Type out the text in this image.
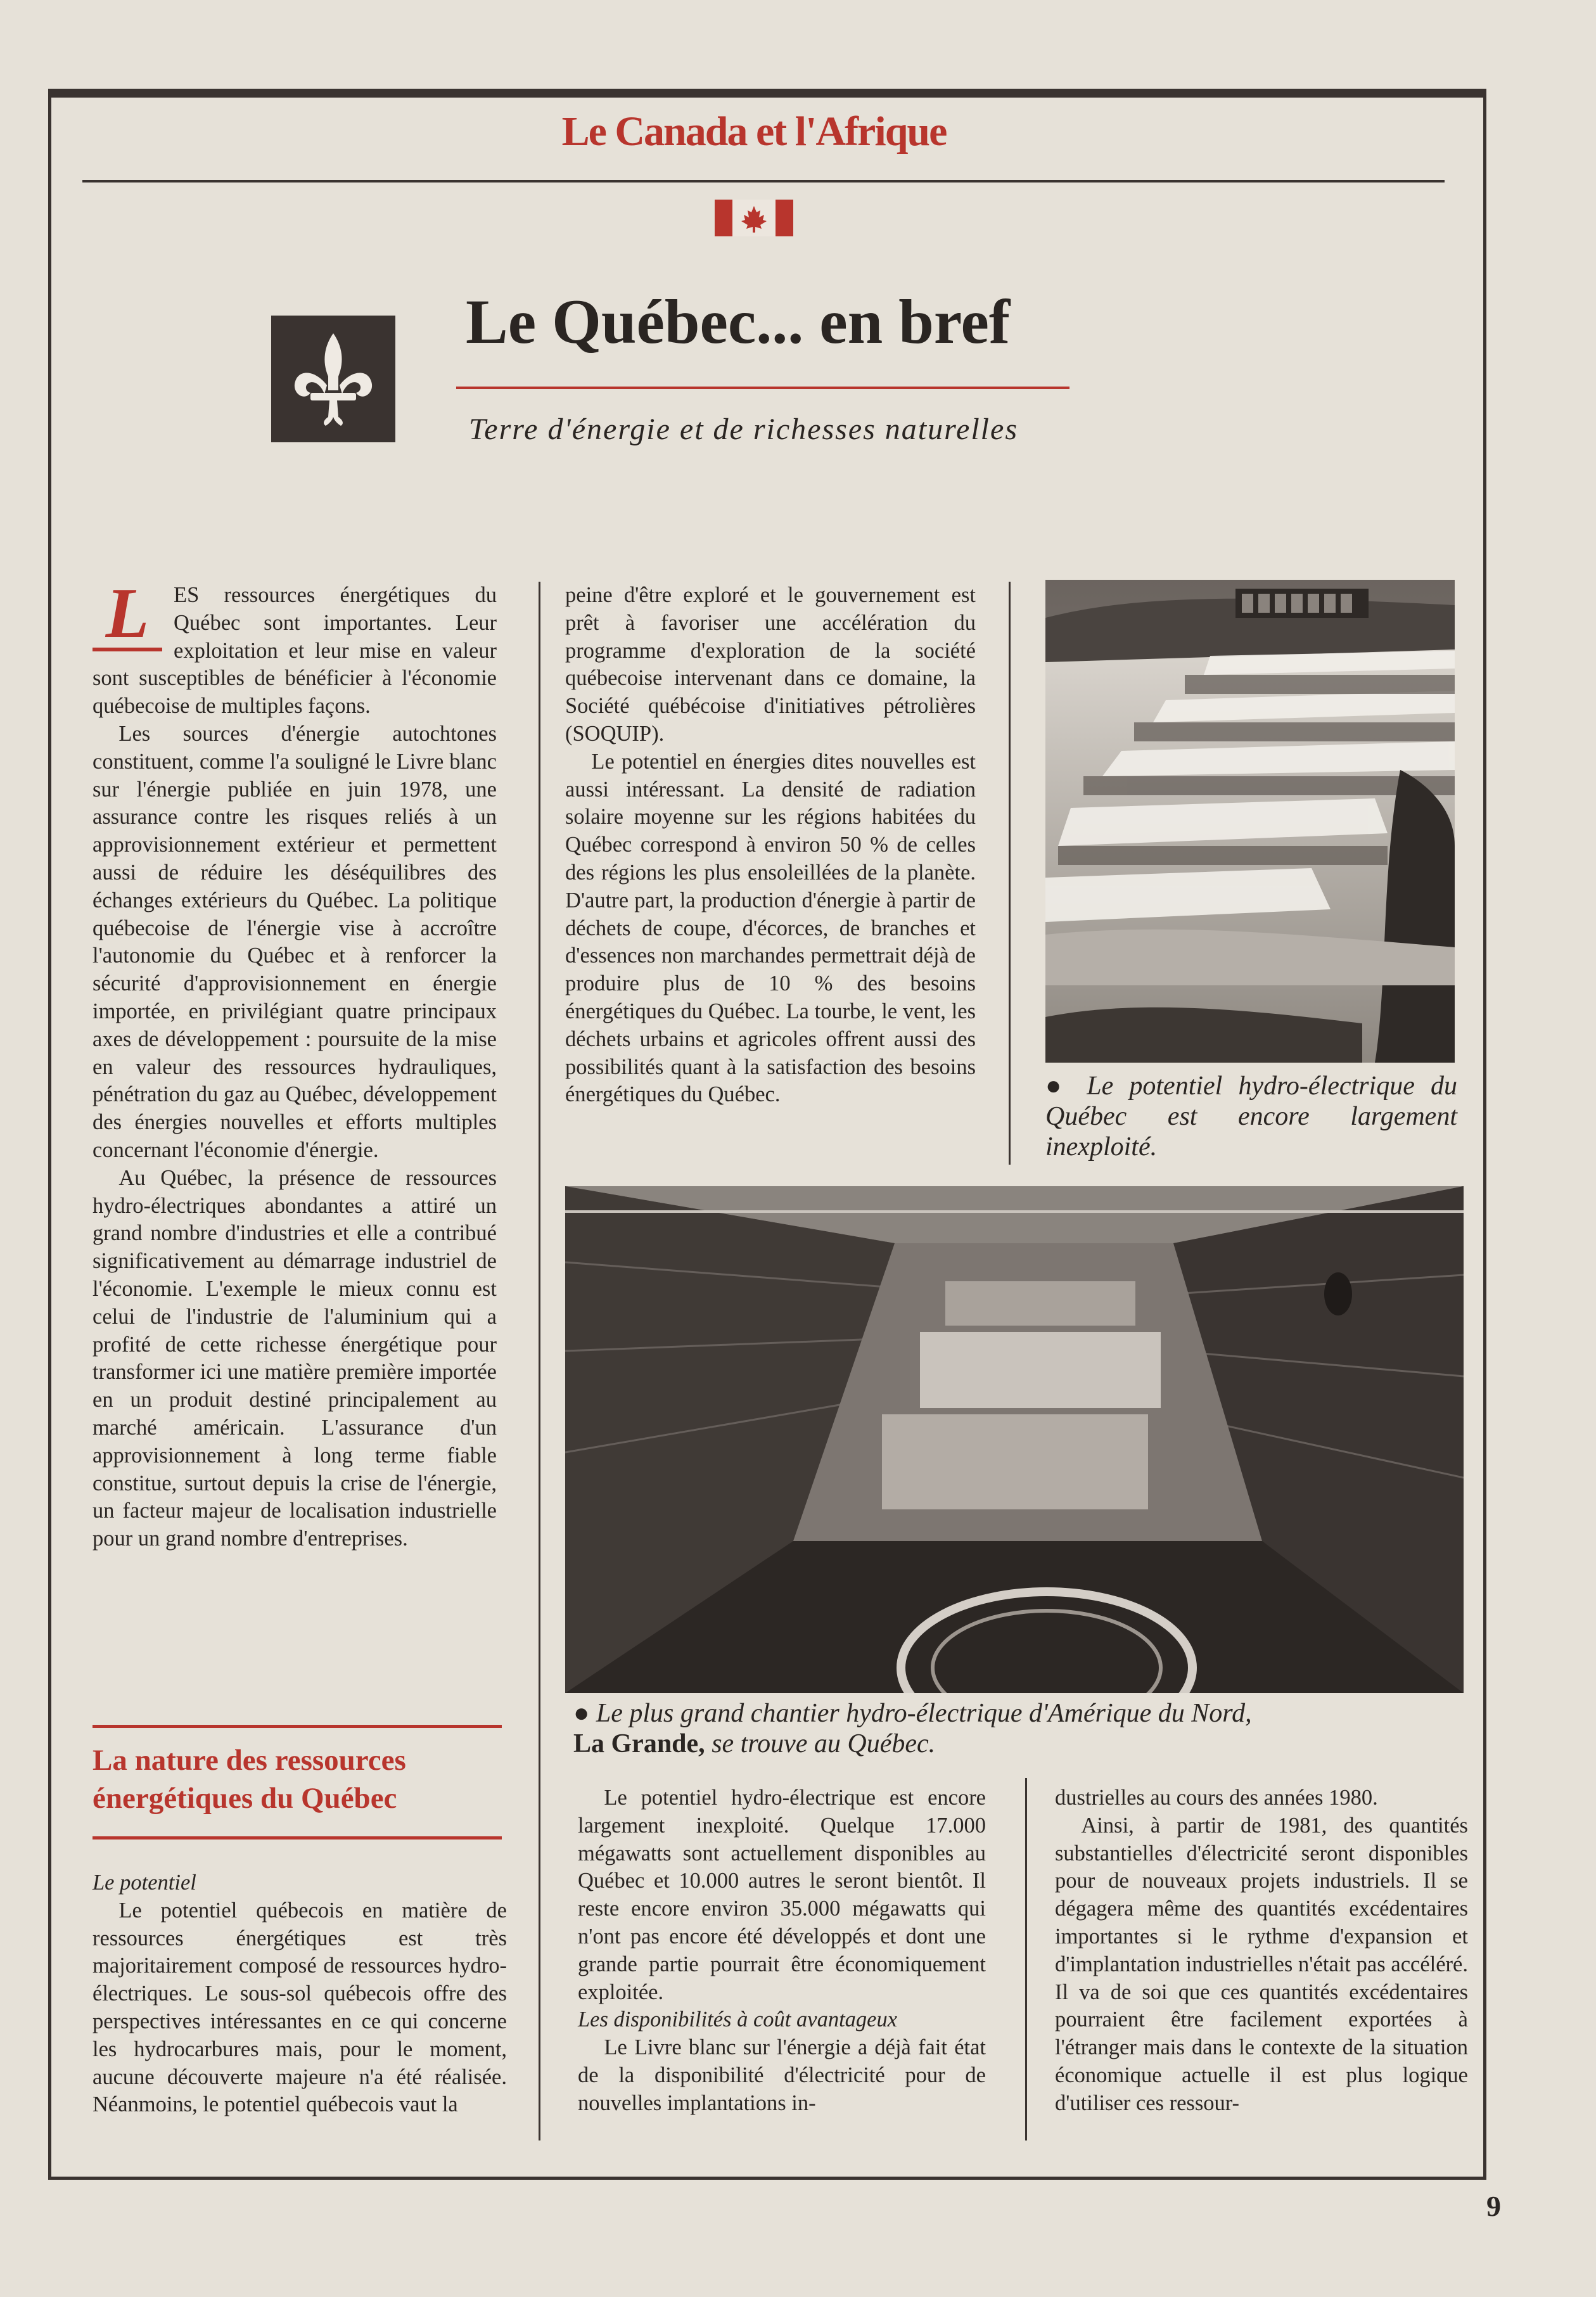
Le Canada et l'Afrique
Le Québec... en bref
Terre d'énergie et de richesses naturelles

L	ES ressources énergétiques du Québec sont importantes. Leur exploitation et leur mise en valeur sont susceptibles de bénéficier à l'économie québecoise de multiples façons.

Les sources d'énergie autochtones constituent, comme l'a souligné le Livre blanc sur l'énergie publiée en juin 1978, une assurance contre les risques reliés à un approvisionnement extérieur et permettent aussi de réduire les déséquilibres des échanges extérieurs du Québec. La politique québecoise de l'énergie vise à accroître l'autonomie du Québec et à renforcer la sécurité d'approvisionnement en énergie importée, en privilégiant quatre principaux axes de développement : poursuite de la mise en valeur des ressources hydrauliques, pénétration du gaz au Québec, développement des énergies nouvelles et efforts multiples concernant l'économie d'énergie.

Au Québec, la présence de ressources hydro-électriques abondantes a attiré un grand nombre d'industries et elle a contribué significativement au démarrage industriel de l'économie. L'exemple le mieux connu est celui de l'industrie de l'aluminium qui a profité de cette richesse énergétique pour transformer ici une matière première importée en un produit destiné principalement au marché américain. L'assurance d'un approvisionnement à long terme fiable constitue, surtout depuis la crise de l'énergie, un facteur majeur de localisation industrielle pour un grand nombre d'entreprises.

La nature des ressources énergétiques du Québec

Le potentiel

Le potentiel québecois en matière de ressources énergétiques est très majoritairement composé de ressources hydro-électriques. Le sous-sol québecois offre des perspectives intéressantes en ce qui concerne les hydrocarbures mais, pour le moment, aucune découverte majeure n'a été réalisée. Néanmoins, le potentiel québecois vaut la

peine d'être exploré et le gouvernement est prêt à favoriser une accélération du programme d'exploration de la société québecoise intervenant dans ce domaine, la Société québécoise d'initiatives pétrolières (SOQUIP).

Le potentiel en énergies dites nouvelles est aussi intéressant. La densité de radiation solaire moyenne sur les régions habitées du Québec correspond à environ 50 % de celles des régions les plus ensoleillées de la planète. D'autre part, la production d'énergie à partir de déchets de coupe, d'écorces, de branches et d'essences non marchandes permettrait déjà de produire plus de 10 % des besoins énergétiques du Québec. La tourbe, le vent, les déchets urbains et agricoles offrent aussi des possibilités quant à la satisfaction des besoins énergétiques du Québec.	● Le potentiel hydro-électrique du Québec est encore largement inexploité.
● Le plus grand chantier hydro-électrique d'Amérique du Nord,
La Grande, se trouve au Québec.

Le potentiel hydro-électrique est encore largement inexploité. Quelque 17.000 mégawatts sont actuellement disponibles au Québec et 10.000 autres le seront bientôt. Il reste encore environ 35.000 mégawatts qui n'ont pas encore été développés et dont une grande partie pourrait être économiquement exploitée.

Les disponibilités à coût avantageux

Le Livre blanc sur l'énergie a déjà fait état de la disponibilité d'électricité pour de nouvelles implantations in-

dustrielles au cours des années 1980.

Ainsi, à partir de 1981, des quantités substantielles d'électricité seront disponibles pour de nouveaux projets industriels. Il se dégagera même des quantités excédentaires importantes si le rythme d'expansion et d'implantation industrielles n'était pas accéléré. Il va de soi que ces quantités excédentaires pourraient être facilement exportées à l'étranger mais dans le contexte de la situation économique actuelle il est plus logique d'utiliser ces ressour-

9
